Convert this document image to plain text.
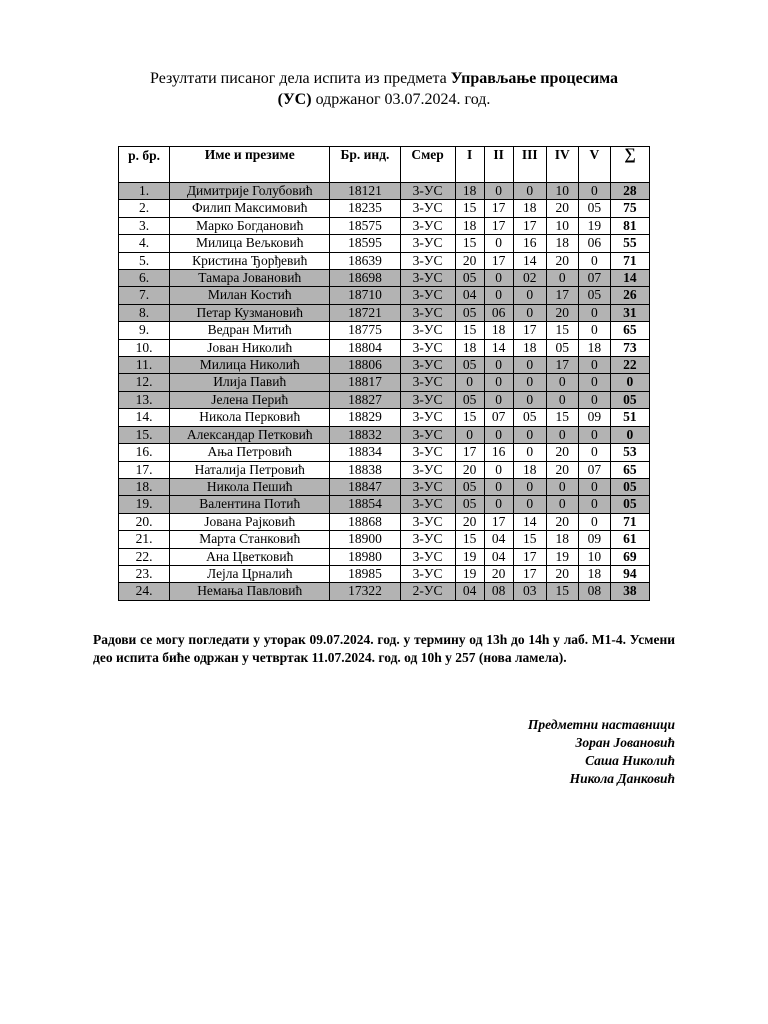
Резултати писаног дела испита из предмета Управљање процесима
(УС) одржаног 03.07.2024. год.
р. бр.	Име и презиме	Бр. инд.	Смер	I	II	III	IV	V	∑
1.	Димитрије Голубовић	18121	3-УС	18	0	0	10	0	28
2.	Филип Максимовић	18235	3-УС	15	17	18	20	05	75
3.	Марко Богдановић	18575	3-УС	18	17	17	10	19	81
4.	Милица Вељковић	18595	3-УС	15	0	16	18	06	55
5.	Кристина Ђорђевић	18639	3-УС	20	17	14	20	0	71
6.	Тамара Јовановић	18698	3-УС	05	0	02	0	07	14
7.	Милан Костић	18710	3-УС	04	0	0	17	05	26
8.	Петар Кузмановић	18721	3-УС	05	06	0	20	0	31
9.	Ведран Митић	18775	3-УС	15	18	17	15	0	65
10.	Јован Николић	18804	3-УС	18	14	18	05	18	73
11.	Милица Николић	18806	3-УС	05	0	0	17	0	22
12.	Илија Павић	18817	3-УС	0	0	0	0	0	0
13.	Јелена Перић	18827	3-УС	05	0	0	0	0	05
14.	Никола Перковић	18829	3-УС	15	07	05	15	09	51
15.	Александар Петковић	18832	3-УС	0	0	0	0	0	0
16.	Ања Петровић	18834	3-УС	17	16	0	20	0	53
17.	Наталија Петровић	18838	3-УС	20	0	18	20	07	65
18.	Никола Пешић	18847	3-УС	05	0	0	0	0	05
19.	Валентина Потић	18854	3-УС	05	0	0	0	0	05
20.	Јована Рајковић	18868	3-УС	20	17	14	20	0	71
21.	Марта Станковић	18900	3-УС	15	04	15	18	09	61
22.	Ана Цветковић	18980	3-УС	19	04	17	19	10	69
23.	Лејла Црналић	18985	3-УС	19	20	17	20	18	94
24.	Немања Павловић	17322	2-УС	04	08	03	15	08	38
Радови се могу погледати у уторак 09.07.2024. год. у термину од 13h до 14h у лаб. М1-4. Усмени део испита биће одржан у четвртак 11.07.2024. год. од 10h у 257 (нова ламела).
Предметни наставници
Зоран Јовановић
Саша Николић
Никола Данковић
